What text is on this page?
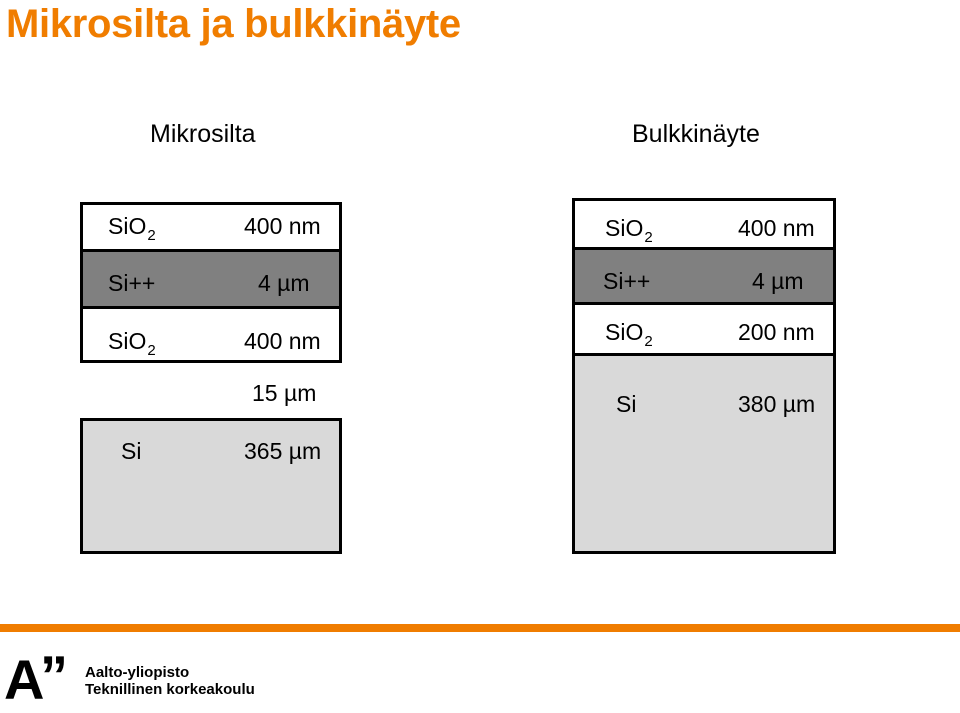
Mikrosilta ja bulkkinäyte
Mikrosilta
SiO$_2$	400 nm
Si++	4 µm
SiO$_2$	400 nm
15 µm
Si	365 µm
Bulkkinäyte
SiO$_2$	400 nm
Si++	4 µm
SiO$_2$	200 nm
Si	380 µm
A
” Aalto-yliopisto
Teknillinen korkeakoulu
